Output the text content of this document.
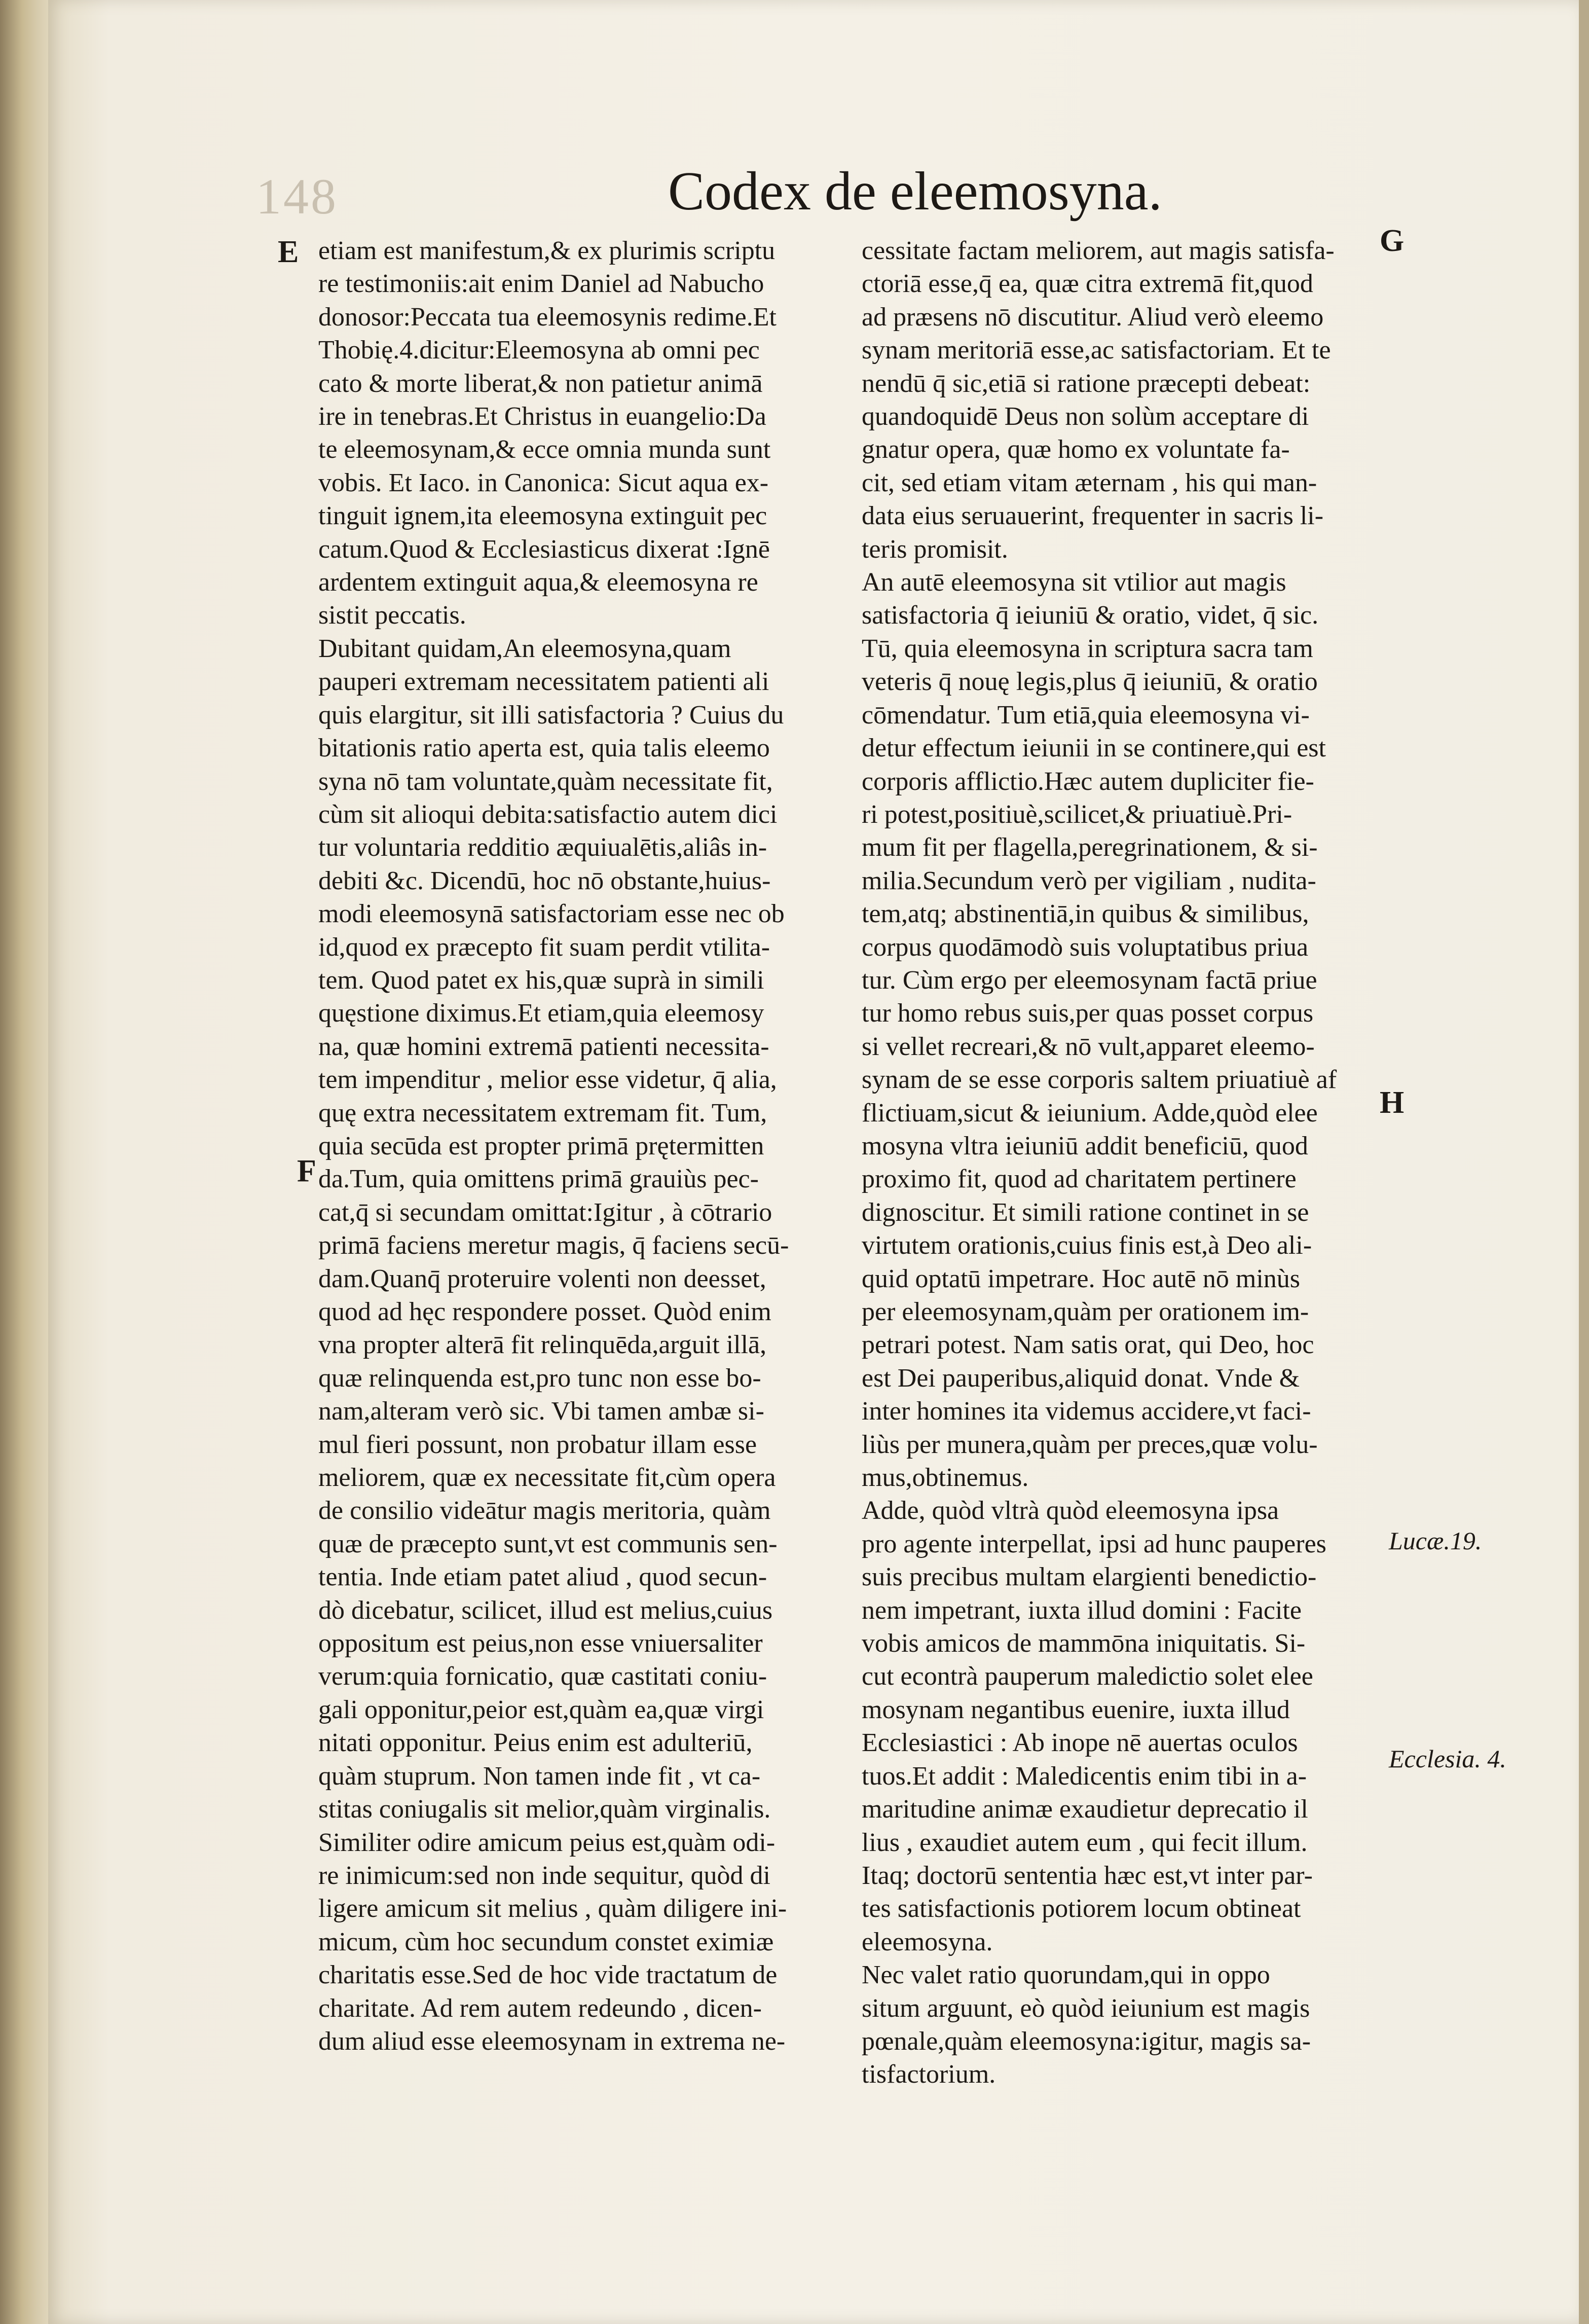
148	Codex de eleemosyna.
E
F
G
H
Lucæ.19.
Ecclesia. 4.
etiam est manifestum,& ex plurimis scriptu
re testimoniis:ait enim Daniel ad Nabucho
donosor:Peccata tua eleemosynis redime.Et
Thobię.4.dicitur:Eleemosyna ab omni pec
cato & morte liberat,& non patietur animā
ire in tenebras.Et Christus in euangelio:Da
te eleemosynam,& ecce omnia munda sunt
vobis. Et Iaco. in Canonica: Sicut aqua ex-
tinguit ignem,ita eleemosyna extinguit pec
catum.Quod & Ecclesiasticus dixerat :Ignē
ardentem extinguit aqua,& eleemosyna re
sistit peccatis.
Dubitant quidam,An eleemosyna,quam
pauperi extremam necessitatem patienti ali
quis elargitur, sit illi satisfactoria ? Cuius du
bitationis ratio aperta est, quia talis eleemo
syna nō tam voluntate,quàm necessitate fit,
cùm sit alioqui debita:satisfactio autem dici
tur voluntaria redditio æquiualētis,aliâs in-
debiti &c. Dicendū, hoc nō obstante,huius-
modi eleemosynā satisfactoriam esse nec ob
id,quod ex præcepto fit suam perdit vtilita-
tem. Quod patet ex his,quæ suprà in simili
quęstione diximus.Et etiam,quia eleemosy
na, quæ homini extremā patienti necessita-
tem impenditur , melior esse videtur, q̄ alia,
quę extra necessitatem extremam fit. Tum,
quia secūda est propter primā prętermitten
da.Tum, quia omittens primā grauiùs pec-
cat,q̄ si secundam omittat:Igitur , à cōtrario
primā faciens meretur magis, q̄ faciens secū-
dam.Quanq̄ proteruire volenti non deesset,
quod ad hęc respondere posset. Quòd enim
vna propter alterā fit relinquēda,arguit illā,
quæ relinquenda est,pro tunc non esse bo-
nam,alteram verò sic. Vbi tamen ambæ si-
mul fieri possunt, non probatur illam esse
meliorem, quæ ex necessitate fit,cùm opera
de consilio videātur magis meritoria, quàm
quæ de præcepto sunt,vt est communis sen-
tentia. Inde etiam patet aliud , quod secun-
dò dicebatur, scilicet, illud est melius,cuius
oppositum est peius,non esse vniuersaliter
verum:quia fornicatio, quæ castitati coniu-
gali opponitur,peior est,quàm ea,quæ virgi
nitati opponitur. Peius enim est adulteriū,
quàm stuprum. Non tamen inde fit , vt ca-
stitas coniugalis sit melior,quàm virginalis.
Similiter odire amicum peius est,quàm odi-
re inimicum:sed non inde sequitur, quòd di
ligere amicum sit melius , quàm diligere ini-
micum, cùm hoc secundum constet eximiæ
charitatis esse.Sed de hoc vide tractatum de
charitate. Ad rem autem redeundo , dicen-
dum aliud esse eleemosynam in extrema ne-
cessitate factam meliorem, aut magis satisfa-
ctoriā esse,q̄ ea, quæ citra extremā fit,quod
ad præsens nō discutitur. Aliud verò eleemo
synam meritoriā esse,ac satisfactoriam. Et te
nendū q̄ sic,etiā si ratione præcepti debeat:
quandoquidē Deus non solùm acceptare di
gnatur opera, quæ homo ex voluntate fa-
cit, sed etiam vitam æternam , his qui man-
data eius seruauerint, frequenter in sacris li-
teris promisit.
An autē eleemosyna sit vtilior aut magis
satisfactoria q̄ ieiuniū & oratio, videt, q̄ sic.
Tū, quia eleemosyna in scriptura sacra tam
veteris q̄ nouę legis,plus q̄ ieiuniū, & oratio
cōmendatur. Tum etiā,quia eleemosyna vi-
detur effectum ieiunii in se continere,qui est
corporis afflictio.Hæc autem dupliciter fie-
ri potest,positiuè,scilicet,& priuatiuè.Pri-
mum fit per flagella,peregrinationem, & si-
milia.Secundum verò per vigiliam , nudita-
tem,atq; abstinentiā,in quibus & similibus,
corpus quodāmodò suis voluptatibus priua
tur. Cùm ergo per eleemosynam factā priue
tur homo rebus suis,per quas posset corpus
si vellet recreari,& nō vult,apparet eleemo-
synam de se esse corporis saltem priuatiuè af
flictiuam,sicut & ieiunium. Adde,quòd elee
mosyna vltra ieiuniū addit beneficiū, quod
proximo fit, quod ad charitatem pertinere
dignoscitur. Et simili ratione continet in se
virtutem orationis,cuius finis est,à Deo ali-
quid optatū impetrare. Hoc autē nō minùs
per eleemosynam,quàm per orationem im-
petrari potest. Nam satis orat, qui Deo, hoc
est Dei pauperibus,aliquid donat. Vnde &
inter homines ita videmus accidere,vt faci-
liùs per munera,quàm per preces,quæ volu-
mus,obtinemus.
Adde, quòd vltrà quòd eleemosyna ipsa
pro agente interpellat, ipsi ad hunc pauperes
suis precibus multam elargienti benedictio-
nem impetrant, iuxta illud domini : Facite
vobis amicos de mammōna iniquitatis. Si-
cut econtrà pauperum maledictio solet elee
mosynam negantibus euenire, iuxta illud
Ecclesiastici : Ab inope nē auertas oculos
tuos.Et addit : Maledicentis enim tibi in a-
maritudine animæ exaudietur deprecatio il
lius , exaudiet autem eum , qui fecit illum.
Itaq; doctorū sententia hæc est,vt inter par-
tes satisfactionis potiorem locum obtineat
eleemosyna.
Nec valet ratio quorundam,qui in oppo
situm arguunt, eò quòd ieiunium est magis
pœnale,quàm eleemosyna:igitur, magis sa-
tisfactorium.
